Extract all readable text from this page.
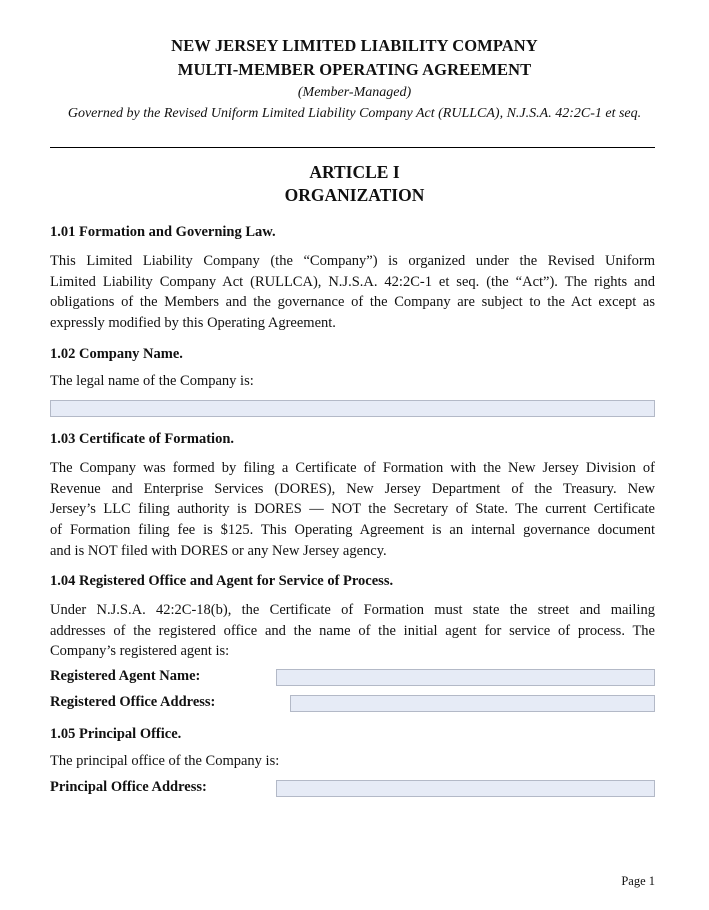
NEW JERSEY LIMITED LIABILITY COMPANY
MULTI-MEMBER OPERATING AGREEMENT
(Member-Managed)
Governed by the Revised Uniform Limited Liability Company Act (RULLCA), N.J.S.A. 42:2C-1 et seq.
ARTICLE I
ORGANIZATION
1.01 Formation and Governing Law.
This Limited Liability Company (the “Company”) is organized under the Revised Uniform
Limited Liability Company Act (RULLCA), N.J.S.A. 42:2C-1 et seq. (the “Act”). The rights and
obligations of the Members and the governance of the Company are subject to the Act except as
expressly modified by this Operating Agreement.
1.02 Company Name.
The legal name of the Company is:
1.03 Certificate of Formation.
The Company was formed by filing a Certificate of Formation with the New Jersey Division of
Revenue and Enterprise Services (DORES), New Jersey Department of the Treasury. New
Jersey’s LLC filing authority is DORES — NOT the Secretary of State. The current Certificate
of Formation filing fee is $125. This Operating Agreement is an internal governance document
and is NOT filed with DORES or any New Jersey agency.
1.04 Registered Office and Agent for Service of Process.
Under N.J.S.A. 42:2C-18(b), the Certificate of Formation must state the street and mailing
addresses of the registered office and the name of the initial agent for service of process. The
Company’s registered agent is:
Registered Agent Name:
Registered Office Address:
1.05 Principal Office.
The principal office of the Company is:
Principal Office Address:
Page 1
